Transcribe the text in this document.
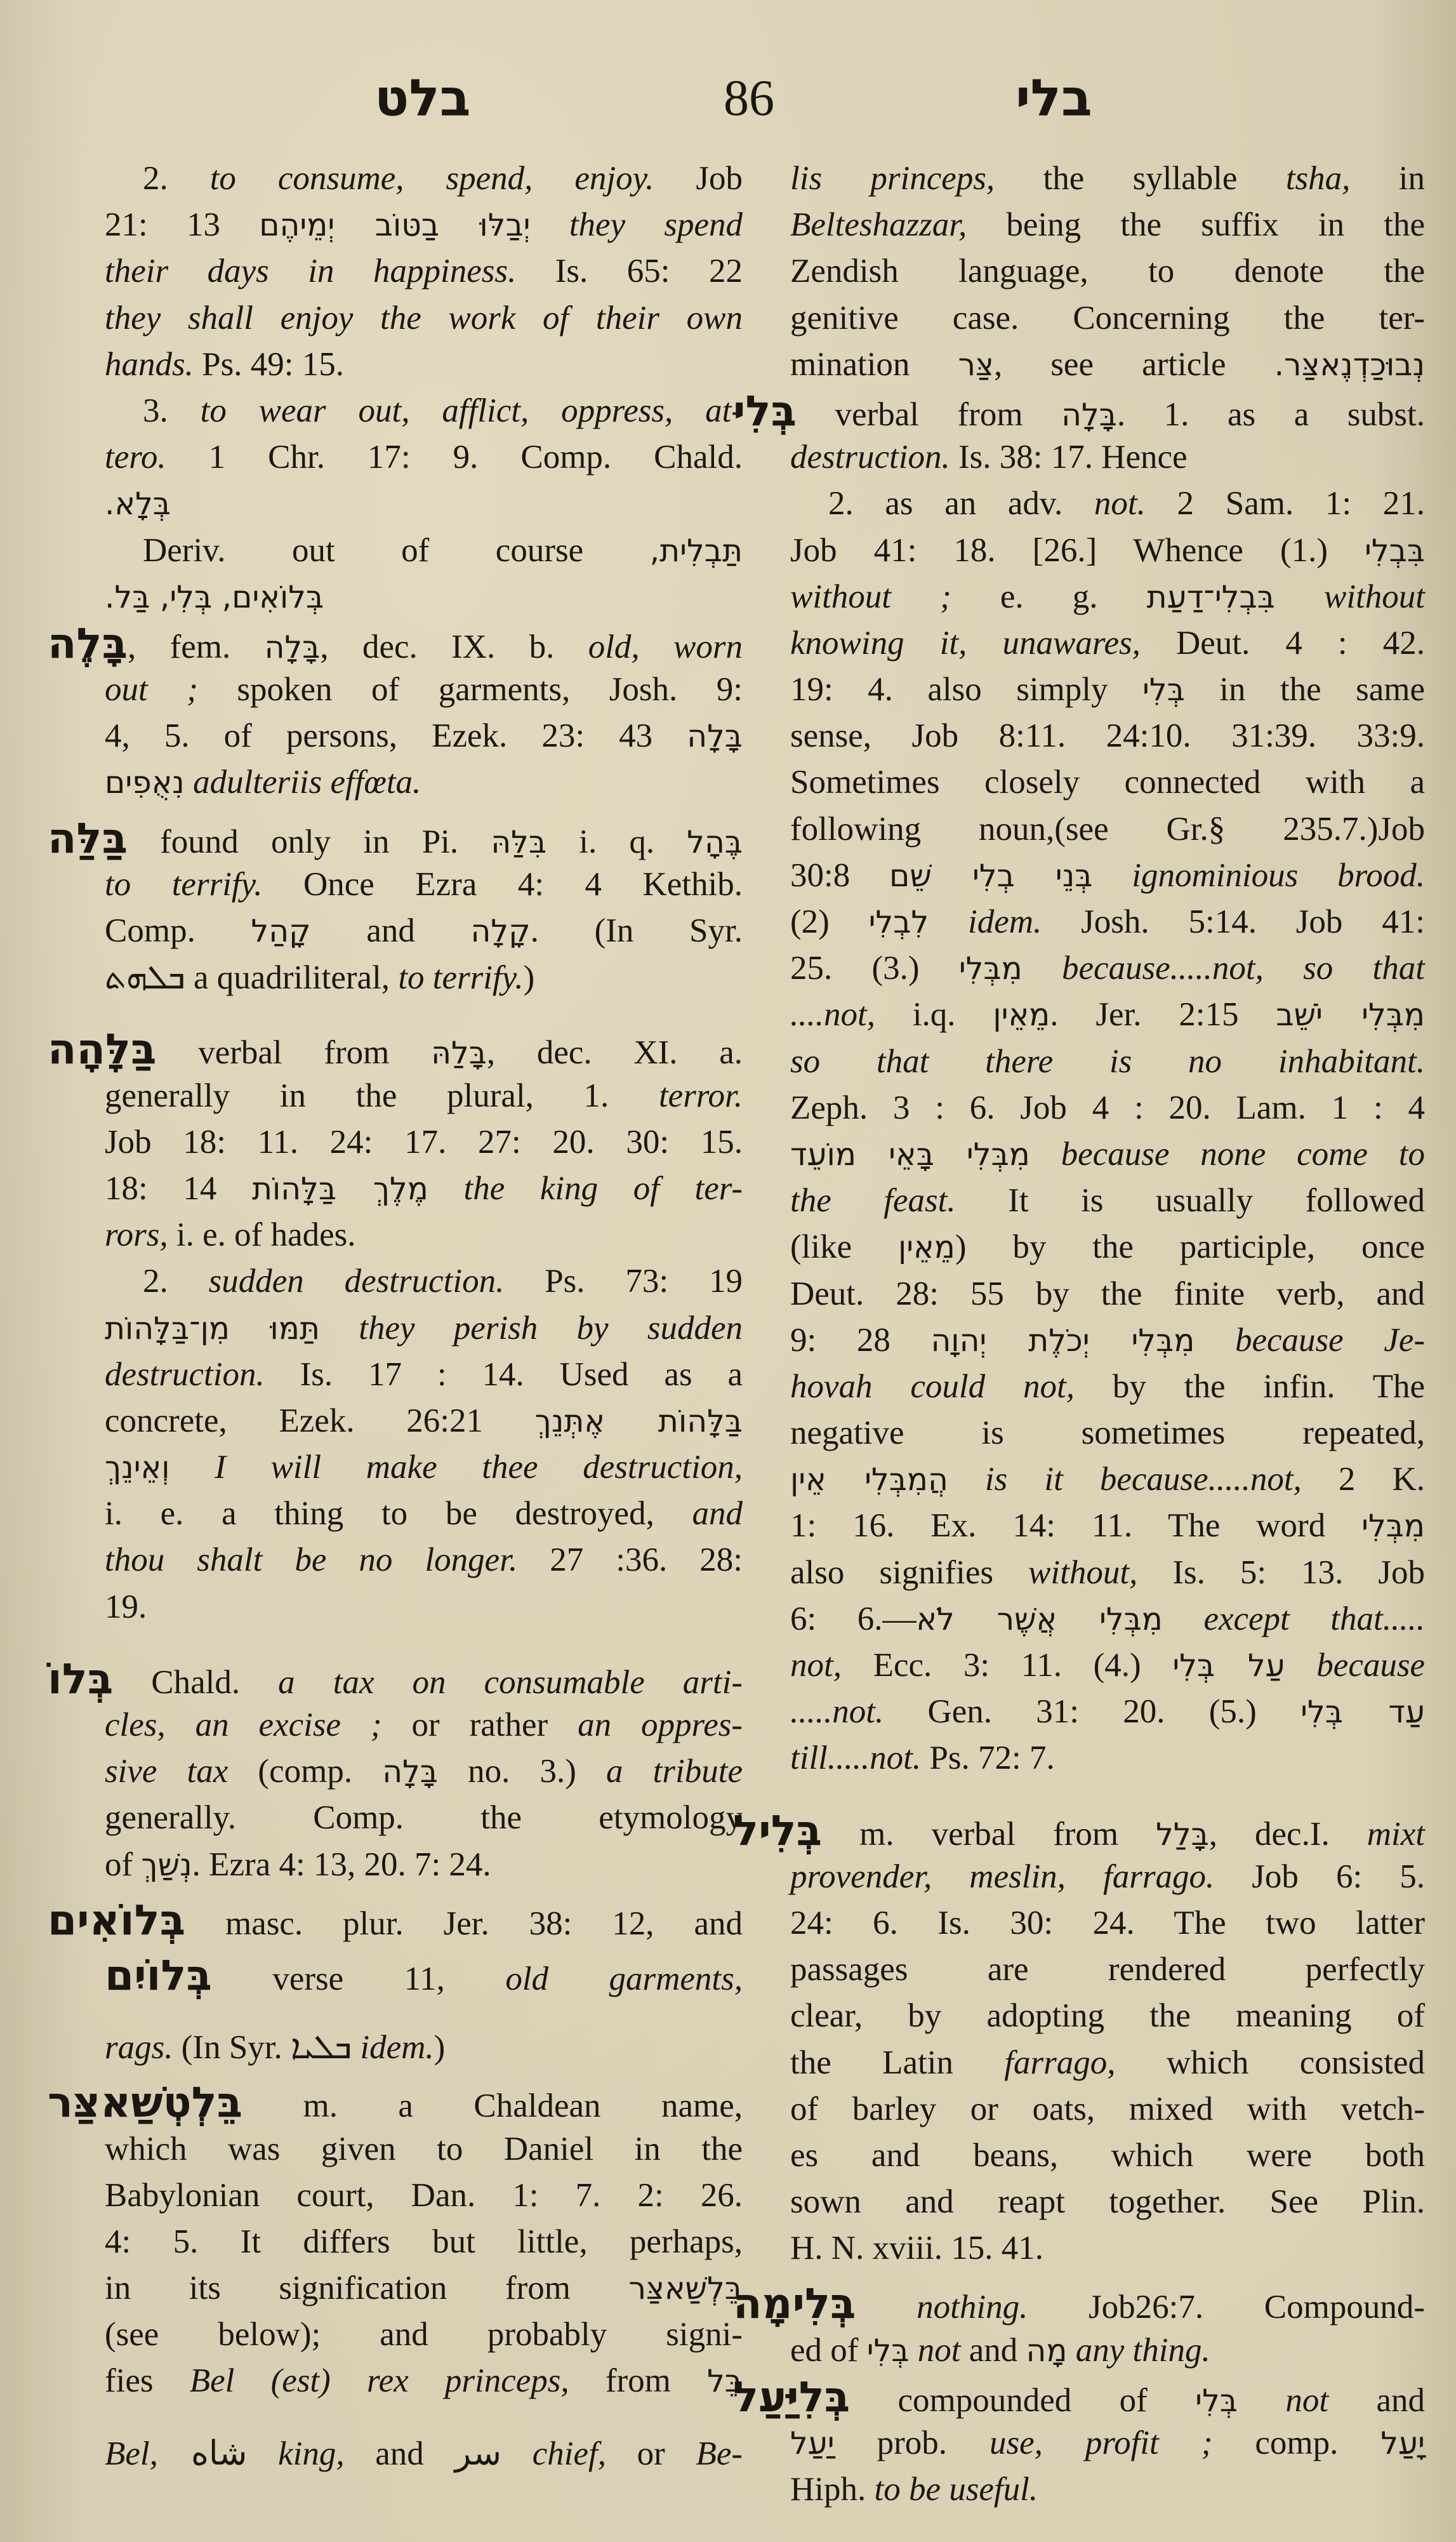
בלט	86	בלי
2. to consume, spend, enjoy. Job
21: 13 יְבַלּוּ בַטּוֹב יְמֵיהֶם they spend
their days in happiness. Is. 65: 22
they shall enjoy the work of their own
hands. Ps. 49: 15.
3. to wear out, afflict, oppress, at-
tero. 1 Chr. 17: 9. Comp. Chald.
בְּלָא.
Deriv. out of course תַּבְלִית,
בְּלוֹאִים, בְּלִי, בַּל.
בָּלֶה, fem. בָּלָה, dec. IX. b. old, worn
out ; spoken of garments, Josh. 9:
4, 5. of persons, Ezek. 23: 43 בָּלָה
נִאֻפִים adulteriis effœta.
בַּלַּה found only in Pi. בִּלַּהּ i. q. בֶּהָל
to terrify. Once Ezra 4: 4 Kethib.
Comp. קָהַל and קָלָה. (In Syr.
ܒܠܗܬ a quadriliteral, to terrify.)
בַּלָּהָה verbal from בָּלַהּ, dec. XI. a.
generally in the plural, 1. terror.
Job 18: 11. 24: 17. 27: 20. 30: 15.
18: 14 מֶלֶךְ בַּלָּהוֹת the king of ter-
rors, i. e. of hades.
2. sudden destruction. Ps. 73: 19
תַּמּוּ מִן־בַּלָּהוֹת they perish by sudden
destruction. Is. 17 : 14. Used as a
concrete, Ezek. 26:21 בַּלָּהוֹת אֶתְּנֵךְ
וְאֵינֵךְ I will make thee destruction,
i. e. a thing to be destroyed, and
thou shalt be no longer. 27 :36. 28:
19.
בְּלוֹ Chald. a tax on consumable arti-
cles, an excise ; or rather an oppres-
sive tax (comp. בָּלָה no. 3.) a tribute
generally. Comp. the etymology
of נְשַׁךְ. Ezra 4: 13, 20. 7: 24.
בְּלוֹאִים masc. plur. Jer. 38: 12, and
בְּלוֹיִם verse 11, old garments,
rags. (In Syr. ܒܠܝܐ idem.)
בֵּלְטְשַׁאצַּר m. a Chaldean name,
which was given to Daniel in the
Babylonian court, Dan. 1: 7. 2: 26.
4: 5. It differs but little, perhaps,
in its signification from בֵּלְשַׁאצַּר
(see below); and probably signi-
fies Bel (est) rex princeps, from בֵּל
Bel, شاه king, and سر chief, or Be-
lis princeps, the syllable tsha, in
Belteshazzar, being the suffix in the
Zendish language, to denote the
genitive case. Concerning the ter-
mination צַּר, see article נְבוּכַדְנֶאצַּר.
בְּלִי verbal from בָּלָה. 1. as a subst.
destruction. Is. 38: 17. Hence
2. as an adv. not. 2 Sam. 1: 21.
Job 41: 18. [26.] Whence (1.) בִּבְלִי
without ; e. g. בִּבְלִי־דַעַת without
knowing it, unawares, Deut. 4 : 42.
19: 4. also simply בְּלִי in the same
sense, Job 8:11. 24:10. 31:39. 33:9.
Sometimes closely connected with a
following noun,(see Gr.§ 235.7.)Job
30:8 בְּנֵי בְלִי שֵׁם ignominious brood.
(2) לִבְלִי idem. Josh. 5:14. Job 41:
25. (3.) מִבְּלִי because.....not, so that
....not, i.q. מֵאֵין. Jer. 2:15 מִבְּלִי יֹשֵׁב
so that there is no inhabitant.
Zeph. 3 : 6. Job 4 : 20. Lam. 1 : 4
מִבְּלִי בָּאֵי מוֹעֵד because none come to
the feast. It is usually followed
(like מֵאֵין) by the participle, once
Deut. 28: 55 by the finite verb, and
9: 28 מִבְּלִי יְכֹלֶת יְהוָה because Je-
hovah could not, by the infin. The
negative is sometimes repeated,
הֲמִבְּלִי אֵין is it because.....not, 2 K.
1: 16. Ex. 14: 11. The word מִבְּלִי
also signifies without, Is. 5: 13. Job
6: 6.—מִבְּלִי אֲשֶׁר לֹא except that.....
not, Ecc. 3: 11. (4.) עַל בְּלִי because
.....not. Gen. 31: 20. (5.) עַד בְּלִי
till.....not. Ps. 72: 7.
בְּלִיל m. verbal from בָּלַל, dec.I. mixt
provender, meslin, farrago. Job 6: 5.
24: 6. Is. 30: 24. The two latter
passages are rendered perfectly
clear, by adopting the meaning of
the Latin farrago, which consisted
of barley or oats, mixed with vetch-
es and beans, which were both
sown and reapt together. See Plin.
H. N. xviii. 15. 41.
בְּלִימָה nothing. Job26:7. Compound-
ed of בְּלִי not and מָה any thing.
בְּלִיַּעַל compounded of בְּלִי not and
יַעַל prob. use, profit ; comp. יָעַל
Hiph. to be useful.
